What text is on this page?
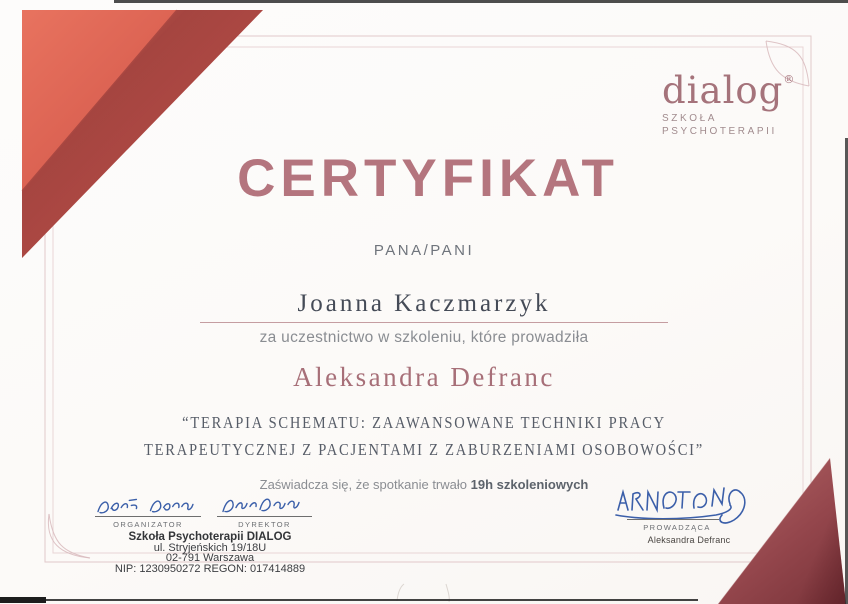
dialog®
SZKOŁA
PSYCHOTERAPII
CERTYFIKAT
PANA/PANI
Joanna Kaczmarzyk
za uczestnictwo w szkoleniu, które prowadziła
Aleksandra Defranc
“TERAPIA SCHEMATU: ZAAWANSOWANE TECHNIKI PRACY
TERAPEUTYCZNEJ Z PACJENTAMI Z ZABURZENIAMI OSOBOWOŚCI”
Zaświadcza się, że spotkanie trwało 19h szkoleniowych
ORGANIZATOR	DYREKTOR
Szkoła Psychoterapii DIALOG
ul. Stryjeńskich 19/18U
02-791 Warszawa
NIP: 1230950272 REGON: 017414889
PROWADZĄCA
Aleksandra Defranc
